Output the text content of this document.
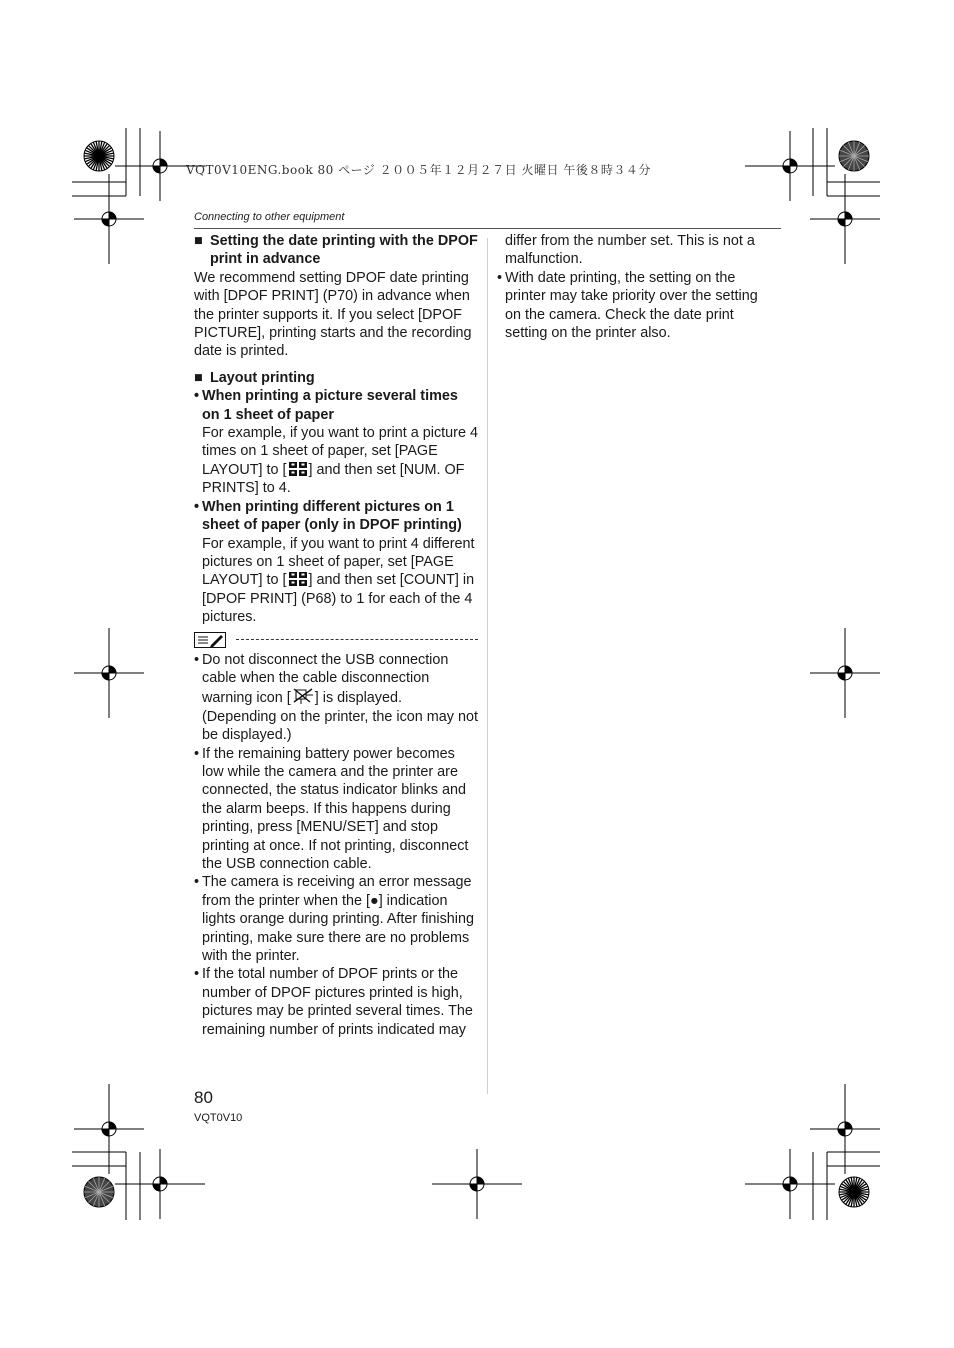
VQT0V10ENG.book 80 ページ ２００５年１２月２７日 火曜日 午後８時３４分
Connecting to other equipment

■ Setting the date printing with the DPOF print in advance

We recommend setting DPOF date printing with [DPOF PRINT] (P70) in advance when the printer supports it. If you select [DPOF PICTURE], printing starts and the recording date is printed.

■ Layout printing

• When printing a picture several times on 1 sheet of paper

For example, if you want to print a picture 4 times on 1 sheet of paper, set [PAGE LAYOUT] to [ ] and then set [NUM. OF PRINTS] to 4.

• When printing different pictures on 1 sheet of paper (only in DPOF printing)

For example, if you want to print 4 different pictures on 1 sheet of paper, set [PAGE LAYOUT] to [ ] and then set [COUNT] in [DPOF PRINT] (P68) to 1 for each of the 4 pictures.

• Do not disconnect the USB connection cable when the cable disconnection warning icon [ ] is displayed. (Depending on the printer, the icon may not be displayed.)

• If the remaining battery power becomes low while the camera and the printer are connected, the status indicator blinks and the alarm beeps. If this happens during printing, press [MENU/SET] and stop printing at once. If not printing, disconnect the USB connection cable.

• The camera is receiving an error message from the printer when the [●] indication lights orange during printing. After finishing printing, make sure there are no problems with the printer.

• If the total number of DPOF prints or the number of DPOF pictures printed is high, pictures may be printed several times. The remaining number of prints indicated may

differ from the number set. This is not a malfunction.

• With date printing, the setting on the printer may take priority over the setting on the camera. Check the date print setting on the printer also.

80
VQT0V10
